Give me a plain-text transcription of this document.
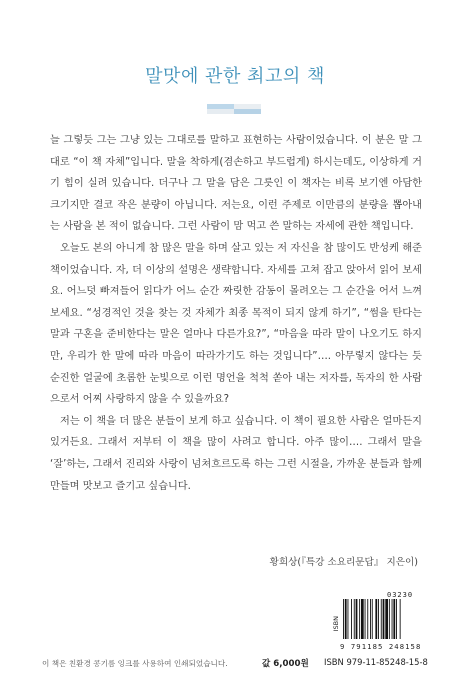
말맛에 관한 최고의 책

늘 그렇듯 그는 그냥 있는 그대로를 말하고 표현하는 사람이었습니다. 이 분은 말 그대로 “이 책 자체”입니다. 말을 착하게(겸손하고 부드럽게) 하시는데도, 이상하게 거기 힘이 실려 있습니다. 더구나 그 말을 담은 그릇인 이 책자는 비록 보기엔 아담한 크기지만 결코 작은 분량이 아닙니다. 저는요, 이런 주제로 이만큼의 분량을 뽑아내는 사람을 본 적이 없습니다. 그런 사람이 맘 먹고 쓴 말하는 자세에 관한 책입니다.

오늘도 본의 아니게 참 많은 말을 하며 살고 있는 저 자신을 참 많이도 반성케 해준 책이었습니다. 자, 더 이상의 설명은 생략합니다. 자세를 고쳐 잡고 앉아서 읽어 보세요. 어느덧 빠져들어 읽다가 어느 순간 짜릿한 감동이 몰려오는 그 순간을 어서 느껴 보세요. “성경적인 것을 찾는 것 자체가 최종 목적이 되지 않게 하기”, “썸을 탄다는 말과 구혼을 준비한다는 말은 얼마나 다른가요?”, “마음을 따라 말이 나오기도 하지만, 우리가 한 말에 따라 마음이 따라가기도 하는 것입니다”…. 아무렇지 않다는 듯 순진한 얼굴에 초롬한 눈빛으로 이런 명언을 척척 쏟아 내는 저자를, 독자의 한 사람으로서 어찌 사랑하지 않을 수 있을까요?

저는 이 책을 더 많은 분들이 보게 하고 싶습니다. 이 책이 필요한 사람은 얼마든지 있거든요. 그래서 저부터 이 책을 많이 사려고 합니다. 아주 많이…. 그래서 말을 ‘잘’하는, 그래서 진리와 사랑이 넘쳐흐르도록 하는 그런 시절을, 가까운 분들과 함께 만들며 맛보고 즐기고 싶습니다.

황희상(『특강 소요리문답』 지은이)
03230
ISBN
9 791185 248158
이 책은 친환경 콩기름 잉크를 사용하여 인쇄되었습니다.	값 6,000원 ISBN 979-11-85248-15-8
